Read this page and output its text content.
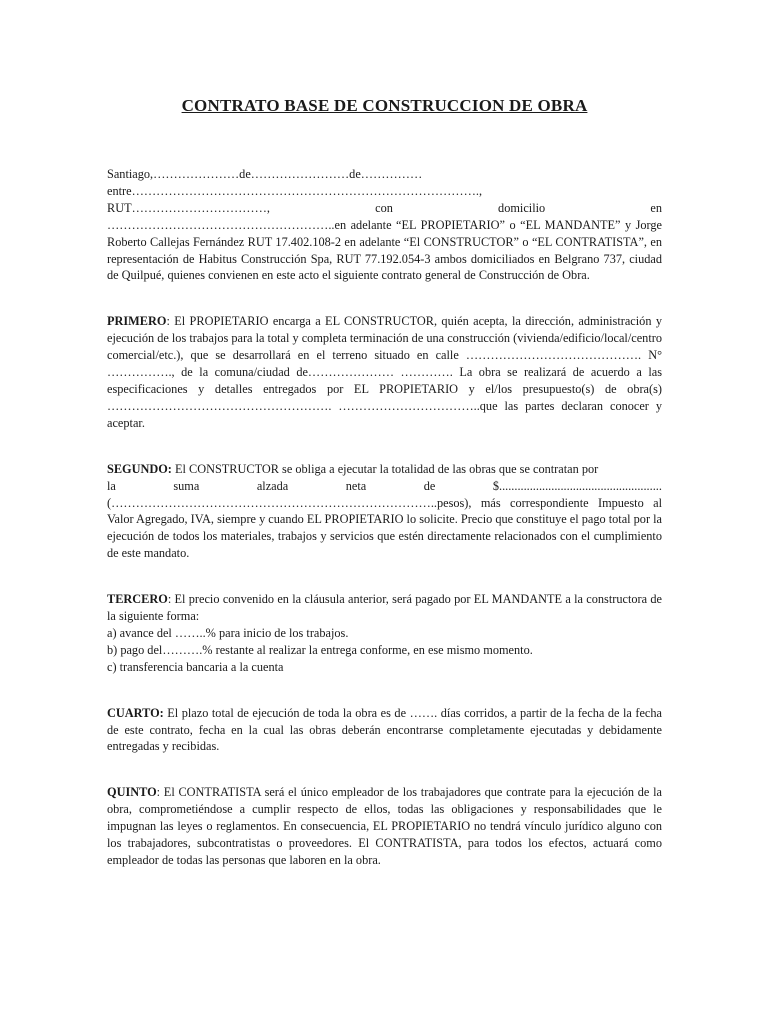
CONTRATO BASE DE CONSTRUCCION DE OBRA

Santiago,…………………de……………………de……………

entre………………………………………………………………………….,

RUT……………………………,	con	domicilio	en

………………………………………………..en adelante “EL PROPIETARIO” o “EL MANDANTE” y Jorge Roberto Callejas Fernández RUT 17.402.108-2 en adelante “El CONSTRUCTOR” o “EL CONTRATISTA”, en representación de Habitus Construcción Spa, RUT 77.192.054-3 ambos domiciliados en Belgrano 737, ciudad de Quilpué, quienes convienen en este acto el siguiente contrato general de Construcción de Obra.

PRIMERO: El PROPIETARIO encarga a EL CONSTRUCTOR, quién acepta, la dirección, administración y ejecución de los trabajos para la total y completa terminación de una construcción (vivienda/edificio/local/centro comercial/etc.), que se desarrollará en el terreno situado en calle ……………………………………. N° ……………., de la comuna/ciudad de………………… …………. La obra se realizará de acuerdo a las especificaciones y detalles entregados por EL PROPIETARIO y el/los presupuesto(s) de obra(s) ………………………………………………. ……………………………..que las partes declaran conocer y aceptar.

SEGUNDO: El CONSTRUCTOR se obliga a ejecutar la totalidad de las obras que se contratan por

la	suma	alzada	neta	de	$.....................................................

(……………………………………………………………………..pesos), más correspondiente Impuesto al Valor Agregado, IVA, siempre y cuando EL PROPIETARIO lo solicite. Precio que constituye el pago total por la ejecución de todos los materiales, trabajos y servicios que estén directamente relacionados con el cumplimiento de este mandato.

TERCERO: El precio convenido en la cláusula anterior, será pagado por EL MANDANTE a la constructora de la siguiente forma:

a) avance del ……..% para inicio de los trabajos.

b) pago del……….% restante al realizar la entrega conforme, en ese mismo momento.

c) transferencia bancaria a la cuenta

CUARTO: El plazo total de ejecución de toda la obra es de ……. días corridos, a partir de la fecha de la fecha de este contrato, fecha en la cual las obras deberán encontrarse completamente ejecutadas y debidamente entregadas y recibidas.

QUINTO: El CONTRATISTA será el único empleador de los trabajadores que contrate para la ejecución de la obra, comprometiéndose a cumplir respecto de ellos, todas las obligaciones y responsabilidades que le impugnan las leyes o reglamentos. En consecuencia, EL PROPIETARIO no tendrá vínculo jurídico alguno con los trabajadores, subcontratistas o proveedores. El CONTRATISTA, para todos los efectos, actuará como empleador de todas las personas que laboren en la obra.
